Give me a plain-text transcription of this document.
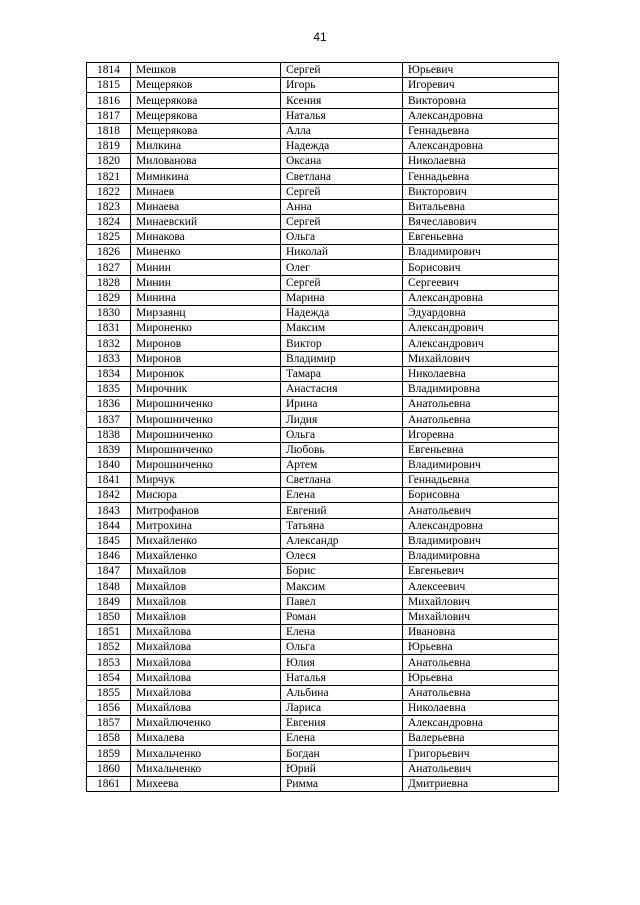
41
1814	Мешков	Сергей	Юрьевич
1815	Мещеряков	Игорь	Игоревич
1816	Мещерякова	Ксения	Викторовна
1817	Мещерякова	Наталья	Александровна
1818	Мещерякова	Алла	Геннадьевна
1819	Милкина	Надежда	Александровна
1820	Милованова	Оксана	Николаевна
1821	Мимикина	Светлана	Геннадьевна
1822	Минаев	Сергей	Викторович
1823	Минаева	Анна	Витальевна
1824	Минаевский	Сергей	Вячеславович
1825	Минакова	Ольга	Евгеньевна
1826	Миненко	Николай	Владимирович
1827	Минин	Олег	Борисович
1828	Минин	Сергей	Сергеевич
1829	Минина	Марина	Александровна
1830	Мирзаянц	Надежда	Эдуардовна
1831	Мироненко	Максим	Александрович
1832	Миронов	Виктор	Александрович
1833	Миронов	Владимир	Михайлович
1834	Миронюк	Тамара	Николаевна
1835	Мирочник	Анастасия	Владимировна
1836	Мирошниченко	Ирина	Анатольевна
1837	Мирошниченко	Лидия	Анатольевна
1838	Мирошниченко	Ольга	Игоревна
1839	Мирошниченко	Любовь	Евгеньевна
1840	Мирошниченко	Артем	Владимирович
1841	Мирчук	Светлана	Геннадьевна
1842	Мисюра	Елена	Борисовна
1843	Митрофанов	Евгений	Анатольевич
1844	Митрохина	Татьяна	Александровна
1845	Михайленко	Александр	Владимирович
1846	Михайленко	Олеся	Владимировна
1847	Михайлов	Борис	Евгеньевич
1848	Михайлов	Максим	Алексеевич
1849	Михайлов	Павел	Михайлович
1850	Михайлов	Роман	Михайлович
1851	Михайлова	Елена	Ивановна
1852	Михайлова	Ольга	Юрьевна
1853	Михайлова	Юлия	Анатольевна
1854	Михайлова	Наталья	Юрьевна
1855	Михайлова	Альбина	Анатольевна
1856	Михайлова	Лариса	Николаевна
1857	Михайлюченко	Евгения	Александровна
1858	Михалева	Елена	Валерьевна
1859	Михальченко	Богдан	Григорьевич
1860	Михальченко	Юрий	Анатольевич
1861	Михеева	Римма	Дмитриевна
